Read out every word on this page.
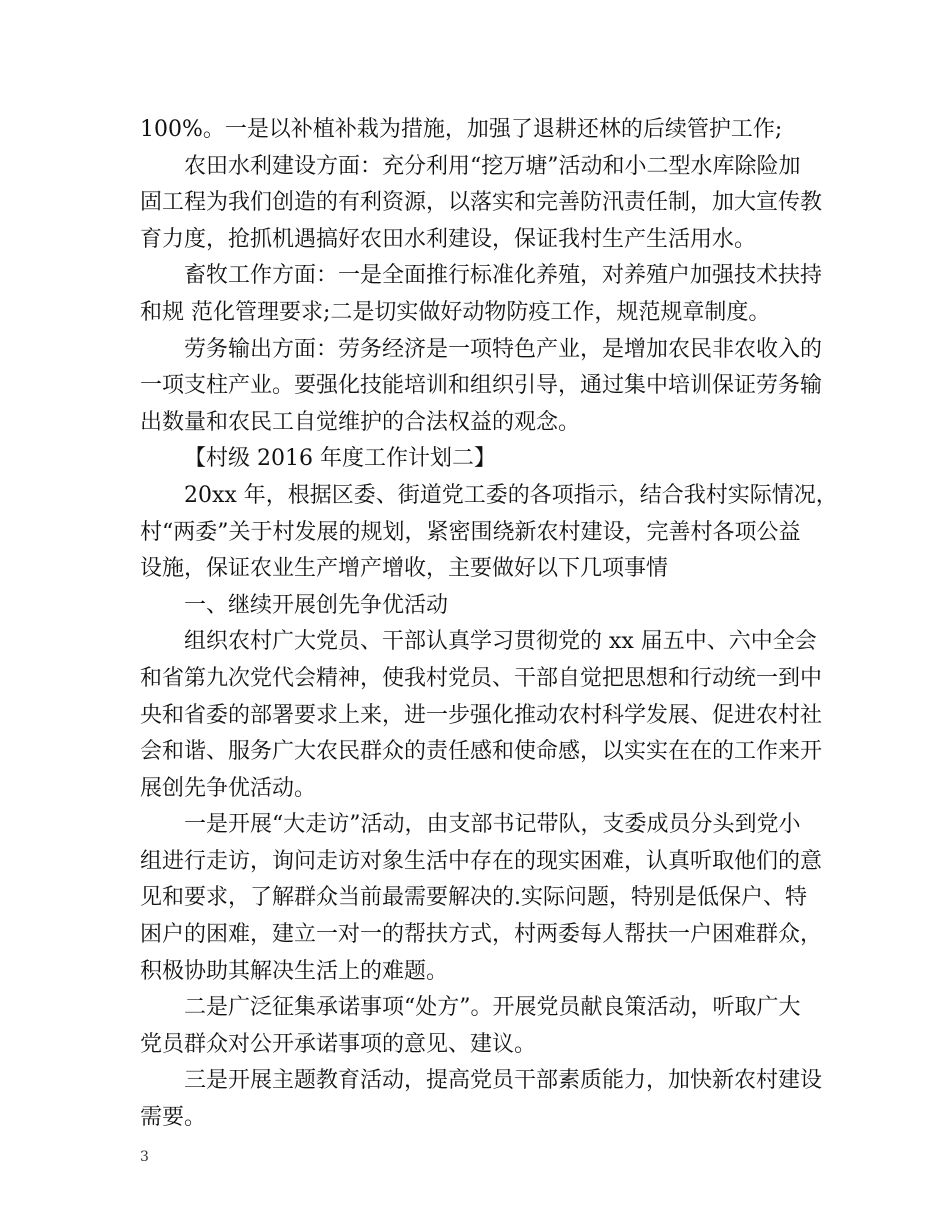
100%。一是以补植补栽为措施，加强了退耕还林的后续管护工作;
农田水利建设方面：充分利用“挖万塘”活动和小二型水库除险加
固工程为我们创造的有利资源，以落实和完善防汛责任制，加大宣传教
育力度，抢抓机遇搞好农田水利建设，保证我村生产生活用水。
畜牧工作方面：一是全面推行标准化养殖，对养殖户加强技术扶持
和规 范化管理要求;二是切实做好动物防疫工作，规范规章制度。
劳务输出方面：劳务经济是一项特色产业，是增加农民非农收入的
一项支柱产业。要强化技能培训和组织引导，通过集中培训保证劳务输
出数量和农民工自觉维护的合法权益的观念。
【村级 2016 年度工作计划二】
20xx 年，根据区委、街道党工委的各项指示，结合我村实际情况，
村“两委”关于村发展的规划，紧密围绕新农村建设，完善村各项公益
设施，保证农业生产增产增收，主要做好以下几项事情
一、继续开展创先争优活动
组织农村广大党员、干部认真学习贯彻党的 xx 届五中、六中全会
和省第九次党代会精神，使我村党员、干部自觉把思想和行动统一到中
央和省委的部署要求上来，进一步强化推动农村科学发展、促进农村社
会和谐、服务广大农民群众的责任感和使命感，以实实在在的工作来开
展创先争优活动。
一是开展“大走访”活动，由支部书记带队，支委成员分头到党小
组进行走访，询问走访对象生活中存在的现实困难，认真听取他们的意
见和要求，了解群众当前最需要解决的.实际问题，特别是低保户、特
困户的困难，建立一对一的帮扶方式，村两委每人帮扶一户困难群众，
积极协助其解决生活上的难题。
二是广泛征集承诺事项“处方”。开展党员献良策活动，听取广大
党员群众对公开承诺事项的意见、建议。
三是开展主题教育活动，提高党员干部素质能力，加快新农村建设
需要。
3
